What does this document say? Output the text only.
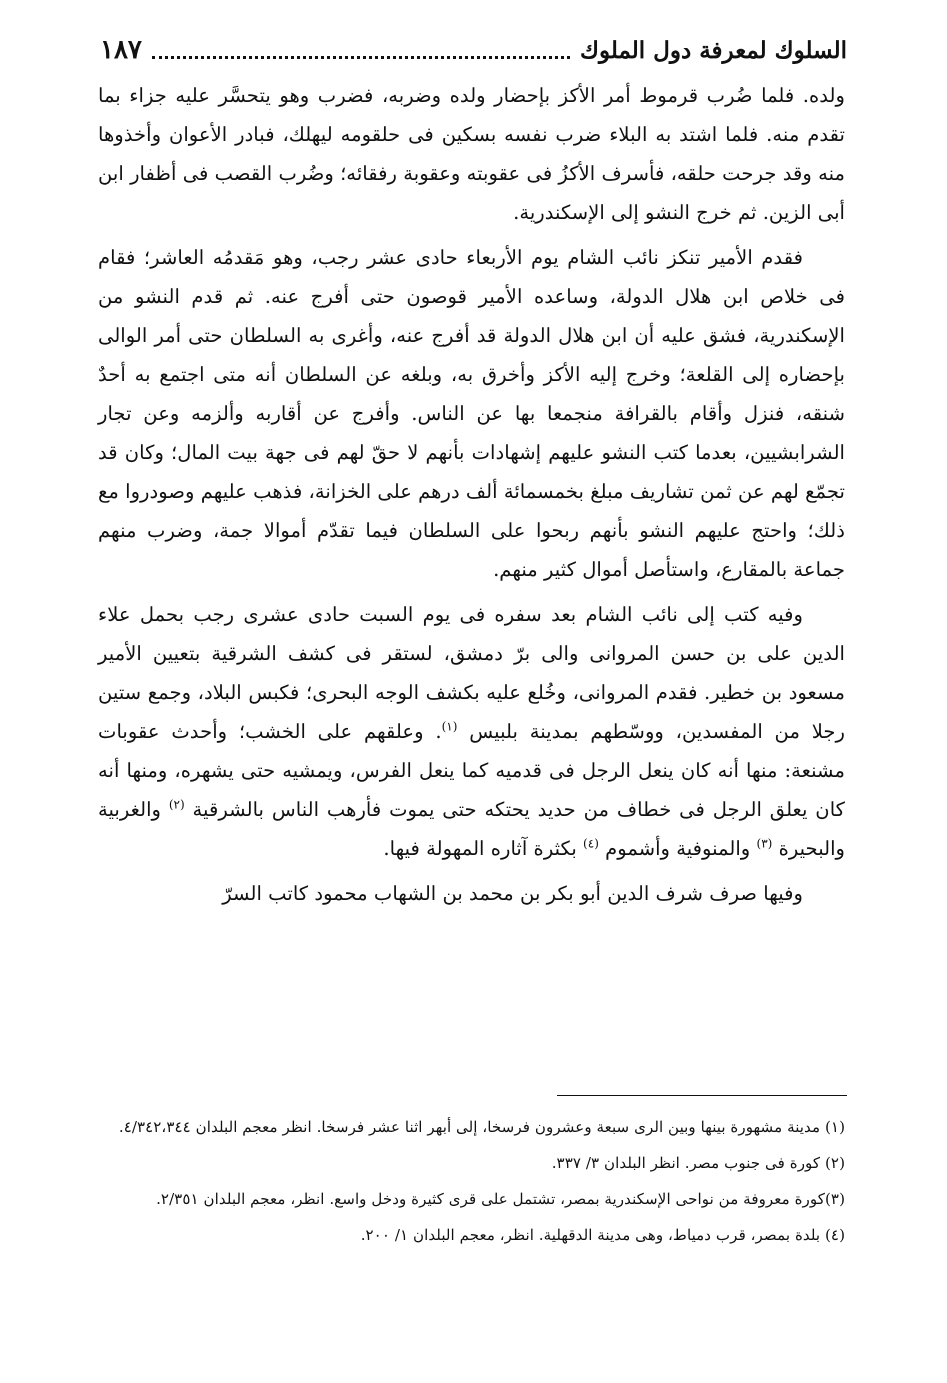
السلوك لمعرفة دول الملوك
١٨٧

ولده. فلما ضُرب قرموط أمر الأكز بإحضار ولده وضربه، فضرب وهو يتحسَّر عليه جزاء بما تقدم منه. فلما اشتد به البلاء ضرب نفسه بسكين فى حلقومه ليهلك، فبادر الأعوان وأخذوها منه وقد جرحت حلقه، فأسرف الأكزُ فى عقوبته وعقوبة رفقائه؛ وضُرب القصب فى أظفار ابن أبى الزين. ثم خرج النشو إلى الإسكندرية.

فقدم الأمير تنكز نائب الشام يوم الأربعاء حادى عشر رجب، وهو مَقدمُه العاشر؛ فقام فى خلاص ابن هلال الدولة، وساعده الأمير قوصون حتى أفرج عنه. ثم قدم النشو من الإسكندرية، فشق عليه أن ابن هلال الدولة قد أفرج عنه، وأغرى به السلطان حتى أمر الوالى بإحضاره إلى القلعة؛ وخرج إليه الأكز وأخرق به، وبلغه عن السلطان أنه متى اجتمع به أحدٌ شنقه، فنزل وأقام بالقرافة منجمعا بها عن الناس. وأفرج عن أقاربه وألزمه وعن تجار الشرابشيين، بعدما كتب النشو عليهم إشهادات بأنهم لا حقّ لهم فى جهة بيت المال؛ وكان قد تجمّع لهم عن ثمن تشاريف مبلغ بخمسمائة ألف درهم على الخزانة، فذهب عليهم وصودروا مع ذلك؛ واحتج عليهم النشو بأنهم ربحوا على السلطان فيما تقدّم أموالا جمة، وضرب منهم جماعة بالمقارع، واستأصل أموال كثير منهم.

وفيه كتب إلى نائب الشام بعد سفره فى يوم السبت حادى عشرى رجب بحمل علاء الدين على بن حسن المروانى والى برّ دمشق، لستقر فى كشف الشرقية بتعيين الأمير مسعود بن خطير. فقدم المروانى، وخُلع عليه بكشف الوجه البحرى؛ فكبس البلاد، وجمع ستين رجلا من المفسدين، ووسّطهم بمدينة بلبيس $^{(١)}$. وعلقهم على الخشب؛ وأحدث عقوبات مشنعة: منها أنه كان ينعل الرجل فى قدميه كما ينعل الفرس، ويمشيه حتى يشهره، ومنها أنه كان يعلق الرجل فى خطاف من حديد يحتكه حتى يموت فأرهب الناس بالشرقية $^{(٢)}$ والغربية والبحيرة $^{(٣)}$ والمنوفية وأشموم $^{(٤)}$ بكثرة آثاره المهولة فيها.

وفيها صرف شرف الدين أبو بكر بن محمد بن الشهاب محمود كاتب السرّ

(١) مدينة مشهورة بينها وبين الرى سبعة وعشرون فرسخا، إلى أبهر اثنا عشر فرسخا. انظر معجم البلدان ٤/٣٤٢،٣٤٤.

(٢) كورة فى جنوب مصر. انظر البلدان ٣/ ٣٣٧.

(٣)كورة معروفة من نواحى الإسكندرية بمصر، تشتمل على قرى كثيرة ودخل واسع. انظر، معجم البلدان ٢/٣٥١.

(٤) بلدة بمصر، قرب دمياط، وهى مدينة الدقهلية. انظر، معجم البلدان ١/ ٢٠٠.
